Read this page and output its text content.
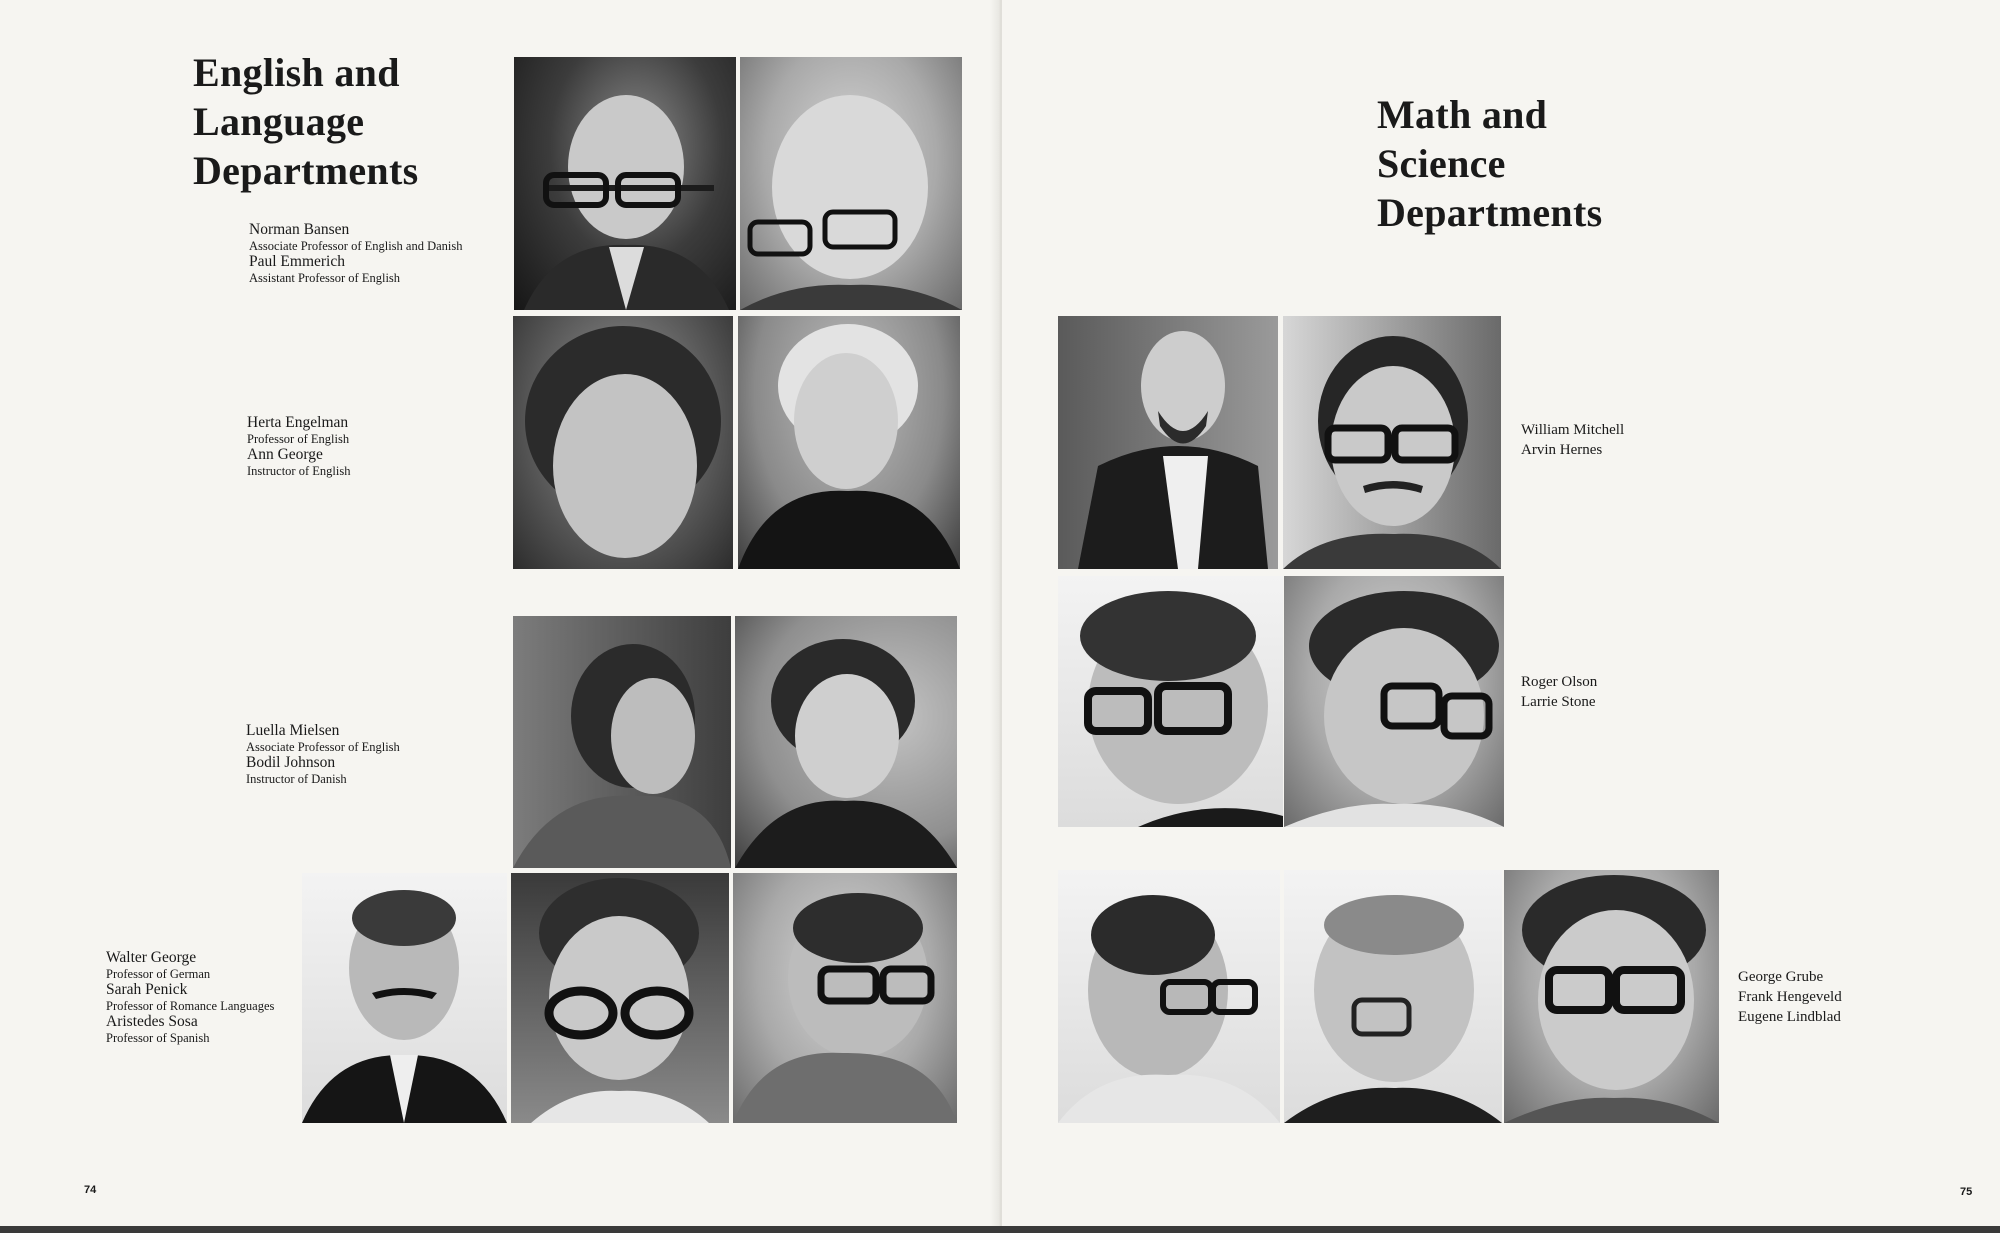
English and
Language
Departments
Norman Bansen
Associate Professor of English and Danish
Paul Emmerich
Assistant Professor of English
Herta Engelman
Professor of English
Ann George
Instructor of English
Luella Mielsen
Associate Professor of English
Bodil Johnson
Instructor of Danish
Walter George
Professor of German
Sarah Penick
Professor of Romance Languages
Aristedes Sosa
Professor of Spanish
74
Math and
Science
Departments
William Mitchell
Arvin Hernes
Roger Olson
Larrie Stone
George Grube
Frank Hengeveld
Eugene Lindblad
75
